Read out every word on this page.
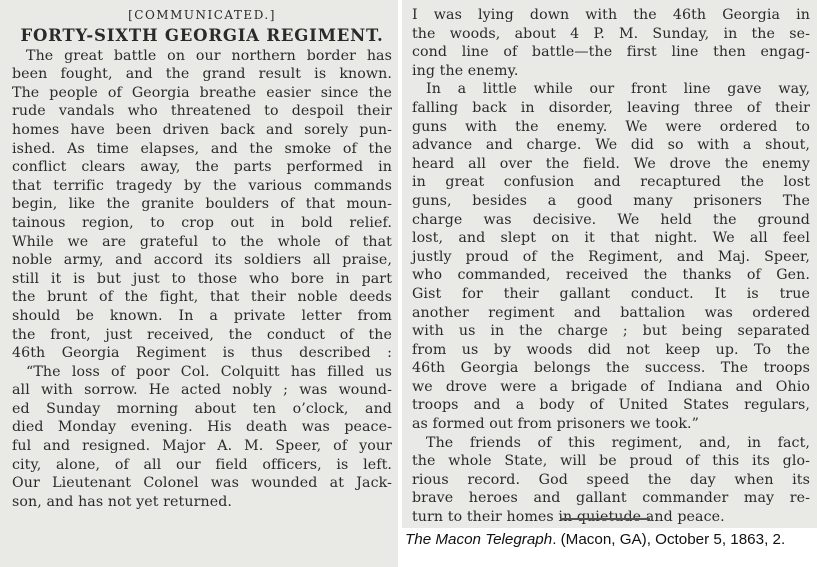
[COMMUNICATED.]
FORTY-SIXTH GEORGIA REGIMENT.
The great battle on our northern border has
been fought, and the grand result is known.
The people of Georgia breathe easier since the
rude vandals who threatened to despoil their
homes have been driven back and sorely pun-
ished. As time elapses, and the smoke of the
conflict clears away, the parts performed in
that terrific tragedy by the various commands
begin, like the granite boulders of that moun-
tainous region, to crop out in bold relief.
While we are grateful to the whole of that
noble army, and accord its soldiers all praise,
still it is but just to those who bore in part
the brunt of the fight, that their noble deeds
should be known. In a private letter from
the front, just received, the conduct of the
46th Georgia Regiment is thus described :
“The loss of poor Col. Colquitt has filled us
all with sorrow. He acted nobly ; was wound-
ed Sunday morning about ten o’clock, and
died Monday evening. His death was peace-
ful and resigned. Major A. M. Speer, of your
city, alone, of all our field officers, is left.
Our Lieutenant Colonel was wounded at Jack-
son, and has not yet returned.
I was lying down with the 46th Georgia in
the woods, about 4 P. M. Sunday, in the se-
cond line of battle—the first line then engag-
ing the enemy.
In a little while our front line gave way,
falling back in disorder, leaving three of their
guns with the enemy. We were ordered to
advance and charge. We did so with a shout,
heard all over the field. We drove the enemy
in great confusion and recaptured the lost
guns, besides a good many prisoners The
charge was decisive. We held the ground
lost, and slept on it that night. We all feel
justly proud of the Regiment, and Maj. Speer,
who commanded, received the thanks of Gen.
Gist for their gallant conduct. It is true
another regiment and battalion was ordered
with us in the charge ; but being separated
from us by woods did not keep up. To the
46th Georgia belongs the success. The troops
we drove were a brigade of Indiana and Ohio
troops and a body of United States regulars,
as formed out from prisoners we took.”
The friends of this regiment, and, in fact,
the whole State, will be proud of this its glo-
rious record. God speed the day when its
brave heroes and gallant commander may re-
turn to their homes in quietude and peace.
The Macon Telegraph. (Macon, GA), October 5, 1863, 2.
